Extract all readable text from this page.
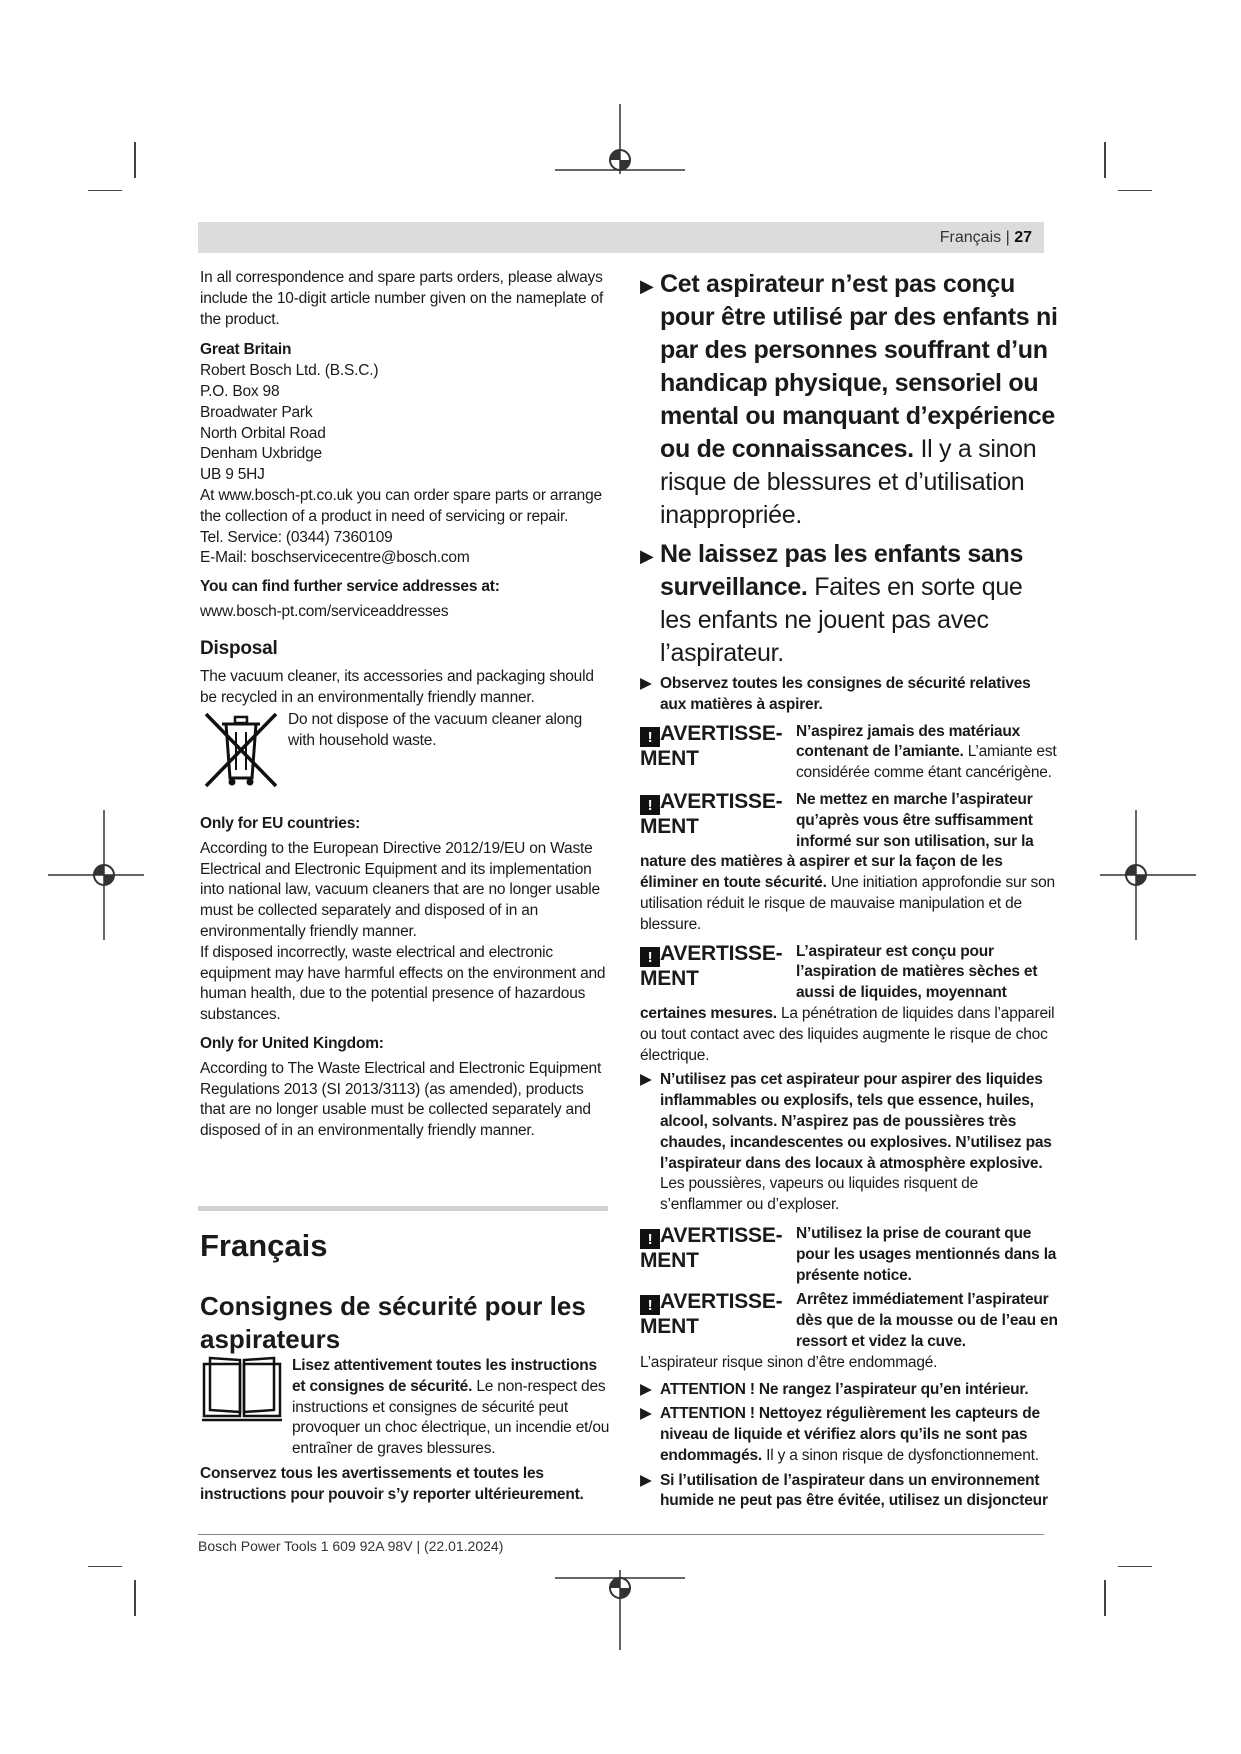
Français | 27

In all correspondence and spare parts orders, please always include the 10-digit article number given on the nameplate of the product.

Great Britain

Robert Bosch Ltd. (B.S.C.)

P.O. Box 98

Broadwater Park

North Orbital Road

Denham Uxbridge

UB 9 5HJ

At www.bosch-pt.co.uk you can order spare parts or arrange the collection of a product in need of servicing or repair.

Tel. Service: (0344) 7360109

E-Mail: boschservicecentre@bosch.com

You can find further service addresses at:

www.bosch-pt.com/serviceaddresses

Disposal

The vacuum cleaner, its accessories and packaging should be recycled in an environmentally friendly manner.

Do not dispose of the vacuum cleaner along with household waste.

Only for EU countries:

According to the European Directive 2012/19/EU on Waste Electrical and Electronic Equipment and its implementation into national law, vacuum cleaners that are no longer usable must be collected separately and disposed of in an environmentally friendly manner.

If disposed incorrectly, waste electrical and electronic equipment may have harmful effects on the environment and human health, due to the potential presence of hazardous substances.

Only for United Kingdom:

According to The Waste Electrical and Electronic Equipment Regulations 2013 (SI 2013/3113) (as amended), products that are no longer usable must be collected separately and disposed of in an environmentally friendly manner.

Français
Consignes de sécurité pour les aspirateurs

Lisez attentivement toutes les instructions et consignes de sécurité. Le non-respect des instructions et consignes de sécurité peut provoquer un choc électrique, un incendie et/ou entraîner de graves blessures.

Conservez tous les avertissements et toutes les instructions pour pouvoir s’y reporter ultérieurement.

▶ Cet aspirateur n’est pas conçu pour être utilisé par des enfants ni par des personnes souffrant d’un handicap physique, sensoriel ou mental ou manquant d’expérience ou de connaissances. Il y a sinon risque de blessures et d’utilisation inappropriée.
▶ Ne laissez pas les enfants sans surveillance. Faites en sorte que les enfants ne jouent pas avec l’aspirateur.
▶ Observez toutes les consignes de sécurité relatives aux matières à aspirer.
! AVERTISSE-
MENT
N’aspirez jamais des matériaux contenant de l’amiante. L’amiante est considérée comme étant cancérigène.
! AVERTISSE-
MENT
Ne mettez en marche l’aspirateur qu’après vous être suffisamment informé sur son utilisation, sur la nature des matières à aspirer et sur la façon de les éliminer en toute sécurité. Une initiation approfondie sur son utilisation réduit le risque de mauvaise manipulation et de blessure.
! AVERTISSE-
MENT
L’aspirateur est conçu pour l’aspiration de matières sèches et aussi de liquides, moyennant certaines mesures. La pénétration de liquides dans l’appareil ou tout contact avec des liquides augmente le risque de choc électrique.
▶ N’utilisez pas cet aspirateur pour aspirer des liquides inflammables ou explosifs, tels que essence, huiles, alcool, solvants. N’aspirez pas de poussières très chaudes, incandescentes ou explosives. N’utilisez pas l’aspirateur dans des locaux à atmosphère explosive. Les poussières, vapeurs ou liquides risquent de s’enflammer ou d’exploser.
! AVERTISSE-
MENT
N’utilisez la prise de courant que pour les usages mentionnés dans la présente notice.
! AVERTISSE-
MENT
Arrêtez immédiatement l’aspirateur dès que de la mousse ou de l’eau en ressort et videz la cuve.

L’aspirateur risque sinon d’être endommagé.

▶ ATTENTION ! Ne rangez l’aspirateur qu’en intérieur.
▶ ATTENTION ! Nettoyez régulièrement les capteurs de niveau de liquide et vérifiez alors qu’ils ne sont pas endommagés. Il y a sinon risque de dysfonctionnement.
▶ Si l’utilisation de l’aspirateur dans un environnement humide ne peut pas être évitée, utilisez un disjoncteur
Bosch Power Tools 1 609 92A 98V | (22.01.2024)
